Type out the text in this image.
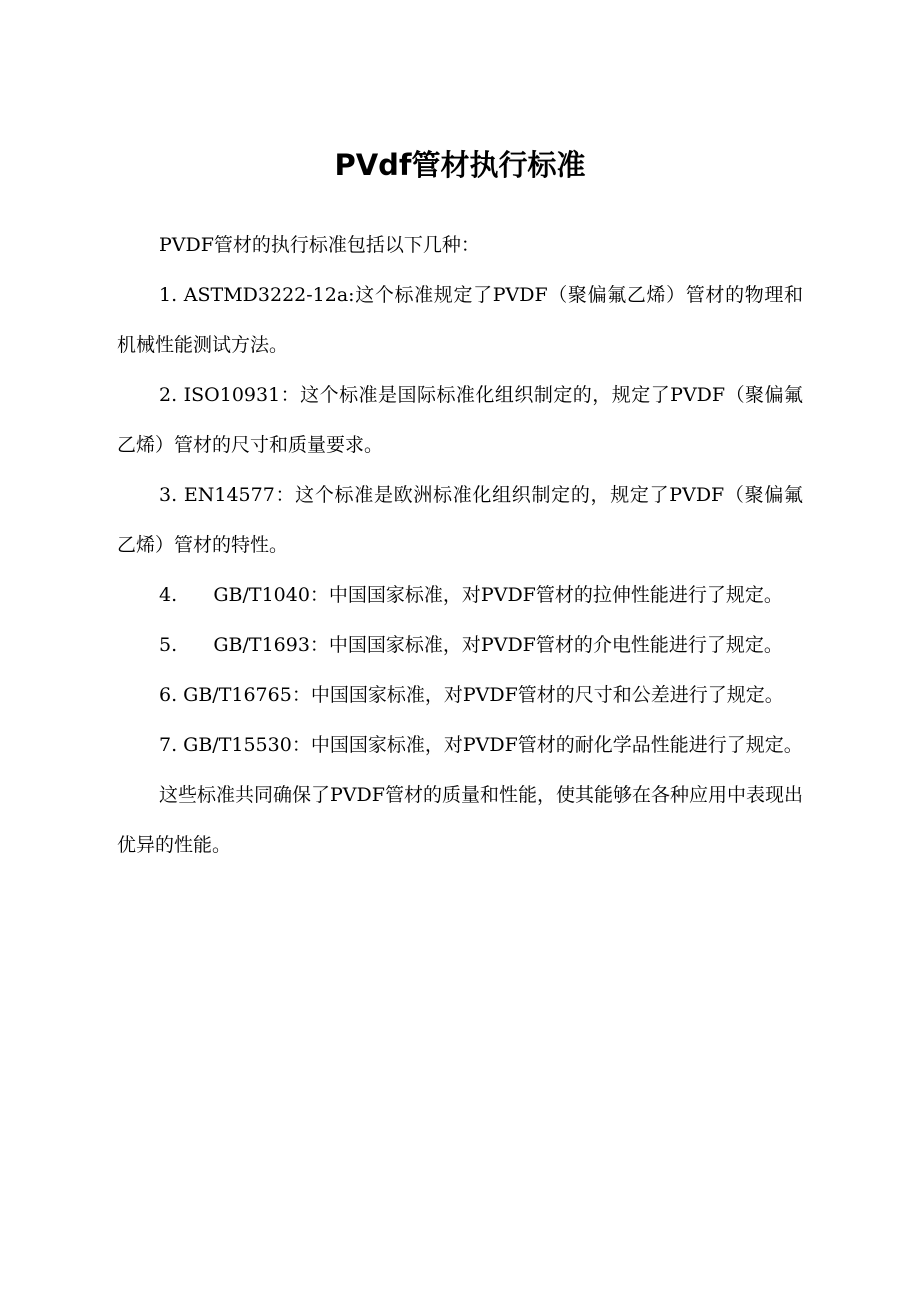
PVdf管材执行标准

PVDF管材的执行标准包括以下几种：

1. ASTMD3222-12a:这个标准规定了PVDF（聚偏氟乙烯）管材的物理和机械性能测试方法。

2. ISO10931：这个标准是国际标准化组织制定的，规定了PVDF（聚偏氟乙烯）管材的尺寸和质量要求。

3. EN14577：这个标准是欧洲标准化组织制定的，规定了PVDF（聚偏氟乙烯）管材的特性。

4.      GB/T1040：中国国家标准，对PVDF管材的拉伸性能进行了规定。

5.      GB/T1693：中国国家标准，对PVDF管材的介电性能进行了规定。

6. GB/T16765：中国国家标准，对PVDF管材的尺寸和公差进行了规定。

7. GB/T15530：中国国家标准，对PVDF管材的耐化学品性能进行了规定。

这些标准共同确保了PVDF管材的质量和性能，使其能够在各种应用中表现出优异的性能。
